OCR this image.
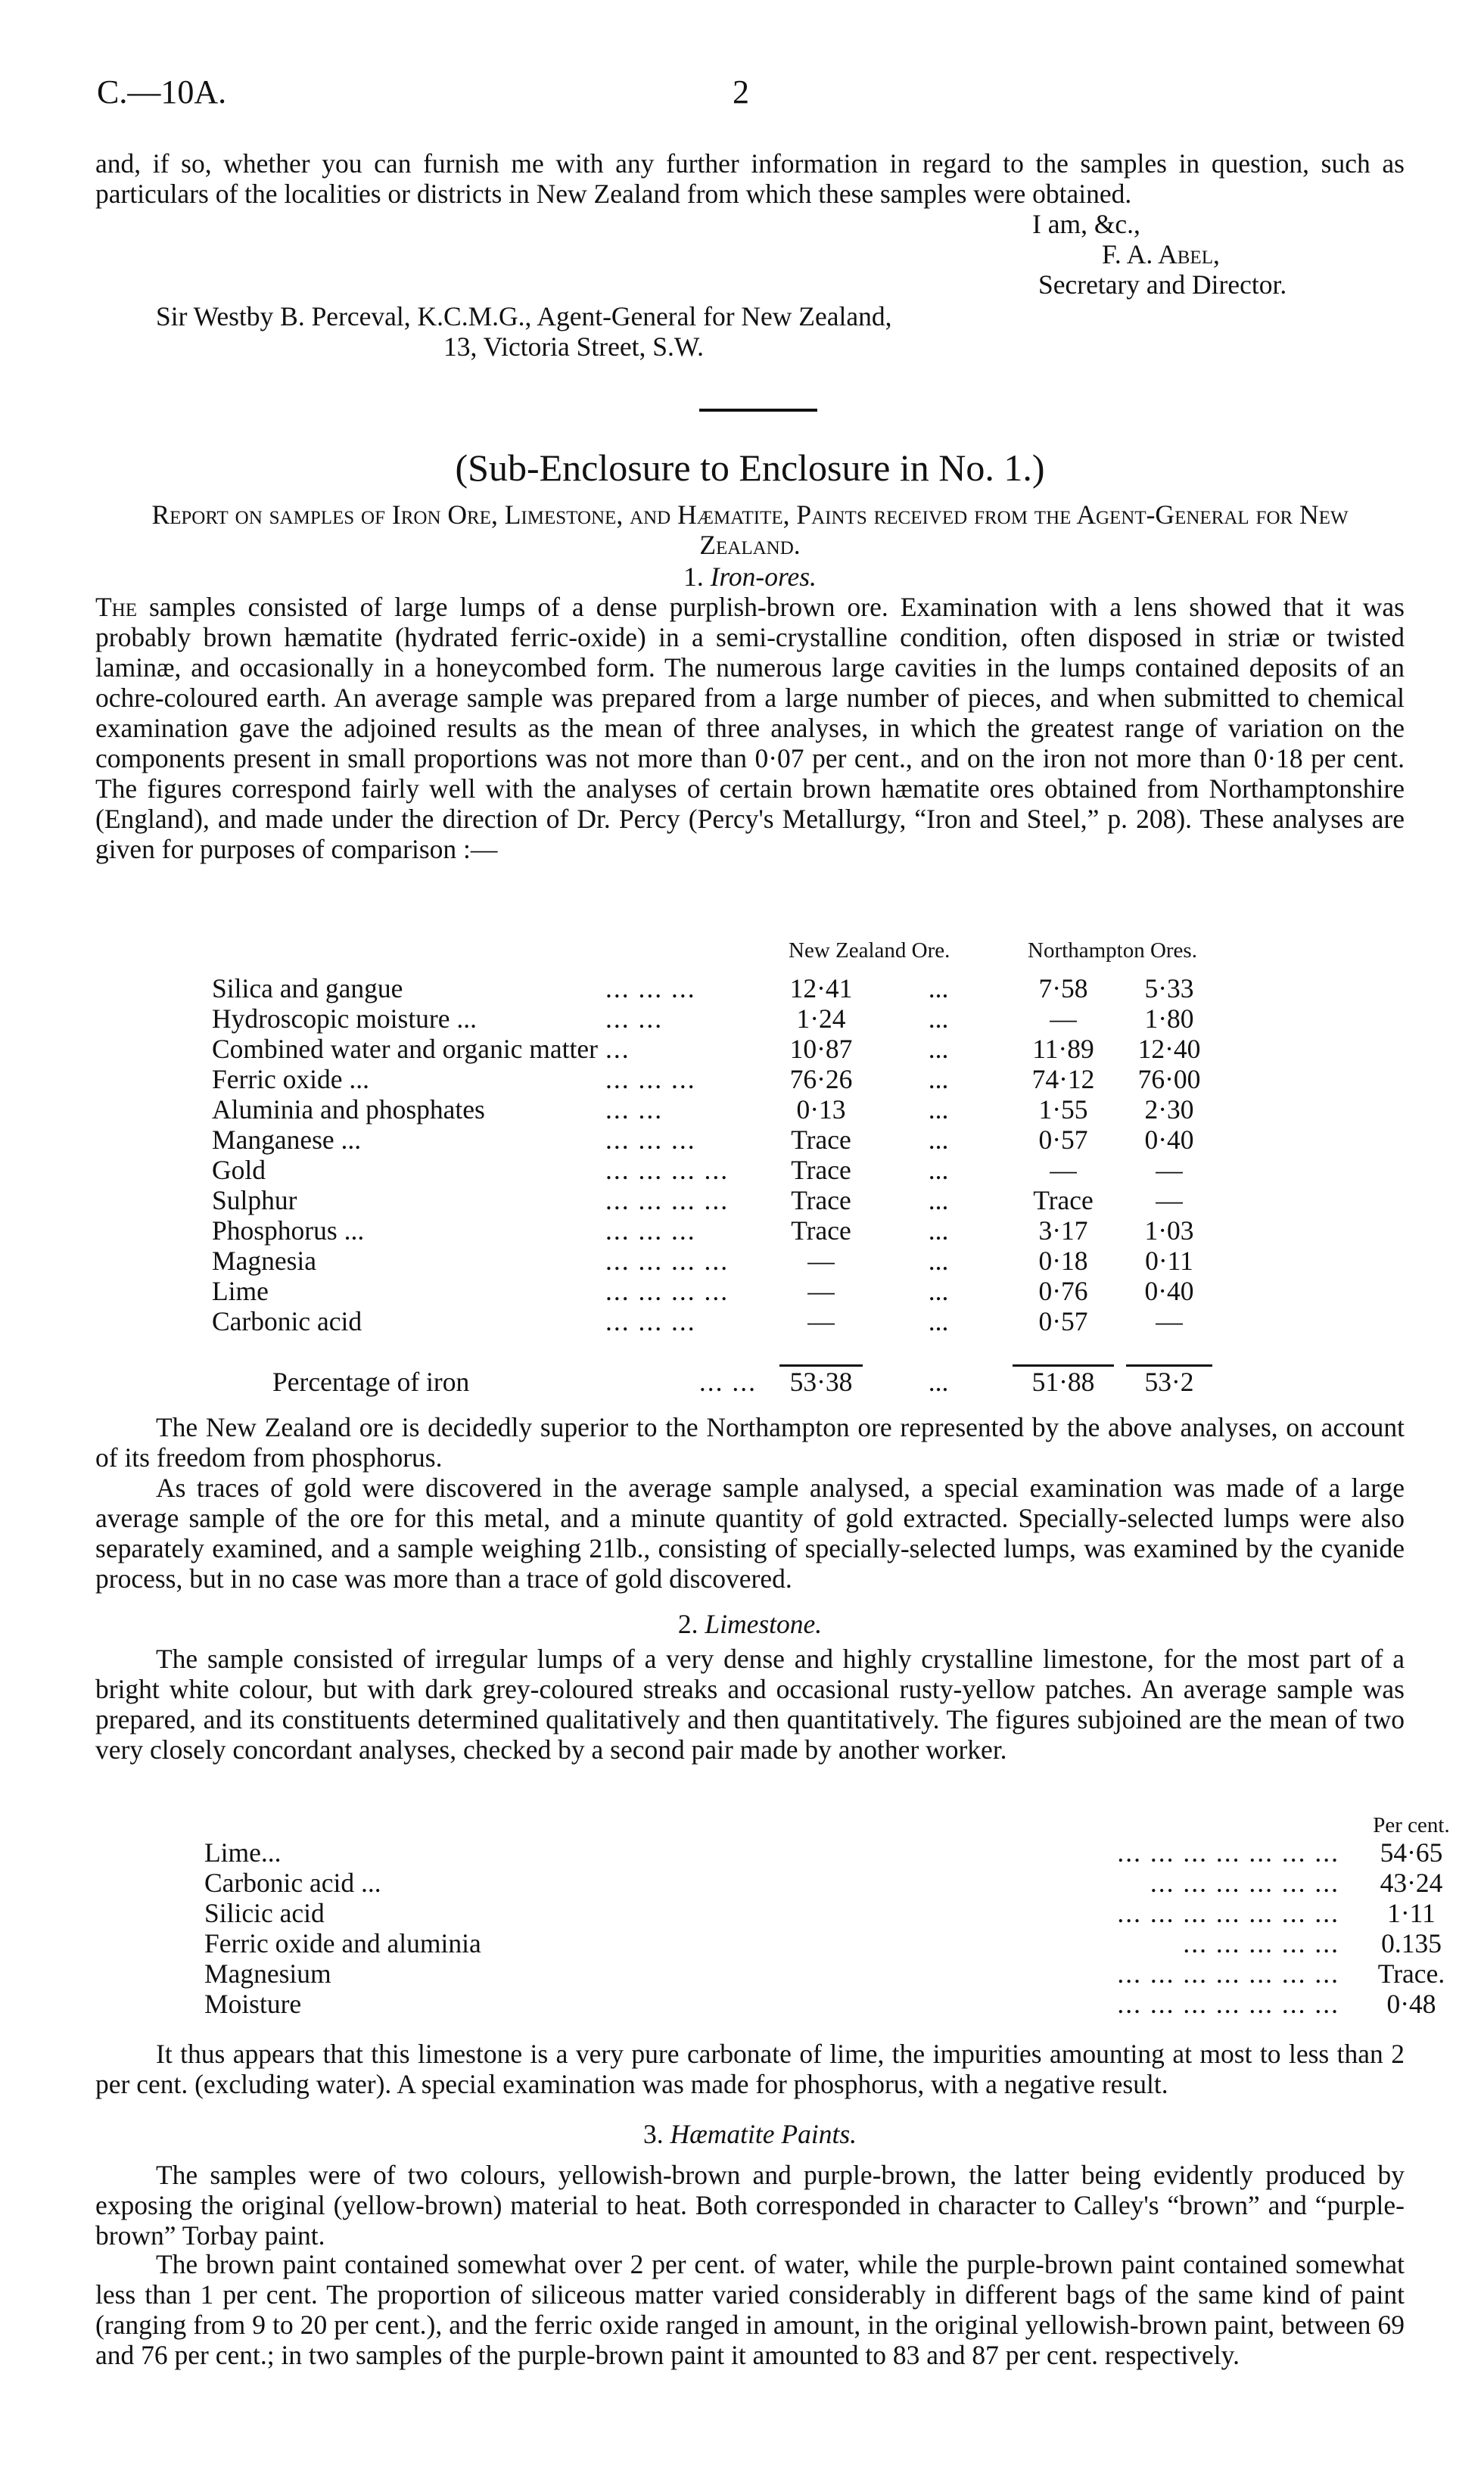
C.—10A.	2
and, if so, whether you can furnish me with any further information in regard to the samples in question, such as particulars of the localities or districts in New Zealand from which these samples were obtained.
I am, &c.,
F. A. Abel,
Secretary and Director.
Sir Westby B. Perceval, K.C.M.G., Agent-General for New Zealand,
13, Victoria Street, S.W.
(Sub-Enclosure to Enclosure in No. 1.)
Report on samples of Iron Ore, Limestone, and Hæmatite, Paints received from the Agent-General for New Zealand.
1. Iron-ores.
The samples consisted of large lumps of a dense purplish-brown ore. Examination with a lens showed that it was probably brown hæmatite (hydrated ferric-oxide) in a semi-crystalline condition, often disposed in striæ or twisted laminæ, and occasionally in a honeycombed form. The numerous large cavities in the lumps contained deposits of an ochre-coloured earth. An average sample was prepared from a large number of pieces, and when submitted to chemical examination gave the adjoined results as the mean of three analyses, in which the greatest range of variation on the components present in small proportions was not more than 0·07 per cent., and on the iron not more than 0·18 per cent. The figures correspond fairly well with the analyses of certain brown hæmatite ores obtained from Northamptonshire (England), and made under the direction of Dr. Percy (Percy's Metallurgy, “Iron and Steel,” p. 208). These analyses are given for purposes of comparison :—
		New Zealand Ore.		Northampton Ores.	

Silica and gangue	... ... ...	12·41	...	7·58	5·33
Hydroscopic moisture ...	... ...	1·24	...	—	1·80
Combined water and organic matter	...	10·87	...	11·89	12·40
Ferric oxide ...	... ... ...	76·26	...	74·12	76·00
Aluminia and phosphates	... ...	0·13	...	1·55	2·30
Manganese ...	... ... ...	Trace	...	0·57	0·40
Gold	... ... ... ...	Trace	...	—	—
Sulphur	... ... ... ...	Trace	...	Trace	—
Phosphorus ...	... ... ...	Trace	...	3·17	1·03
Magnesia	... ... ... ...	—	...	0·18	0·11
Lime	... ... ... ...	—	...	0·76	0·40
Carbonic acid	... ... ...	—	...	0·57	—

Percentage of iron	... ...	53·38	...	51·88	53·2
The New Zealand ore is decidedly superior to the Northampton ore represented by the above analyses, on account of its freedom from phosphorus.
As traces of gold were discovered in the average sample analysed, a special examination was made of a large average sample of the ore for this metal, and a minute quantity of gold extracted. Specially-selected lumps were also separately examined, and a sample weighing 21lb., consisting of specially-selected lumps, was examined by the cyanide process, but in no case was more than a trace of gold discovered.
2. Limestone.
The sample consisted of irregular lumps of a very dense and highly crystalline limestone, for the most part of a bright white colour, but with dark grey-coloured streaks and occasional rusty-yellow patches. An average sample was prepared, and its constituents determined qualitatively and then quantitatively. The figures subjoined are the mean of two very closely concordant analyses, checked by a second pair made by another worker.
		Per cent.
Lime...	... ... ... ... ... ... ...	54·65
Carbonic acid ...	... ... ... ... ... ...	43·24
Silicic acid	... ... ... ... ... ... ...	1·11
Ferric oxide and aluminia	... ... ... ... ...	0.135
Magnesium	... ... ... ... ... ... ...	Trace.
Moisture	... ... ... ... ... ... ...	0·48
It thus appears that this limestone is a very pure carbonate of lime, the impurities amounting at most to less than 2 per cent. (excluding water). A special examination was made for phosphorus, with a negative result.
3. Hæmatite Paints.
The samples were of two colours, yellowish-brown and purple-brown, the latter being evidently produced by exposing the original (yellow-brown) material to heat. Both corresponded in character to Calley's “brown” and “purple-brown” Torbay paint.
The brown paint contained somewhat over 2 per cent. of water, while the purple-brown paint contained somewhat less than 1 per cent. The proportion of siliceous matter varied considerably in different bags of the same kind of paint (ranging from 9 to 20 per cent.), and the ferric oxide ranged in amount, in the original yellowish-brown paint, between 69 and 76 per cent.; in two samples of the purple-brown paint it amounted to 83 and 87 per cent. respectively.
